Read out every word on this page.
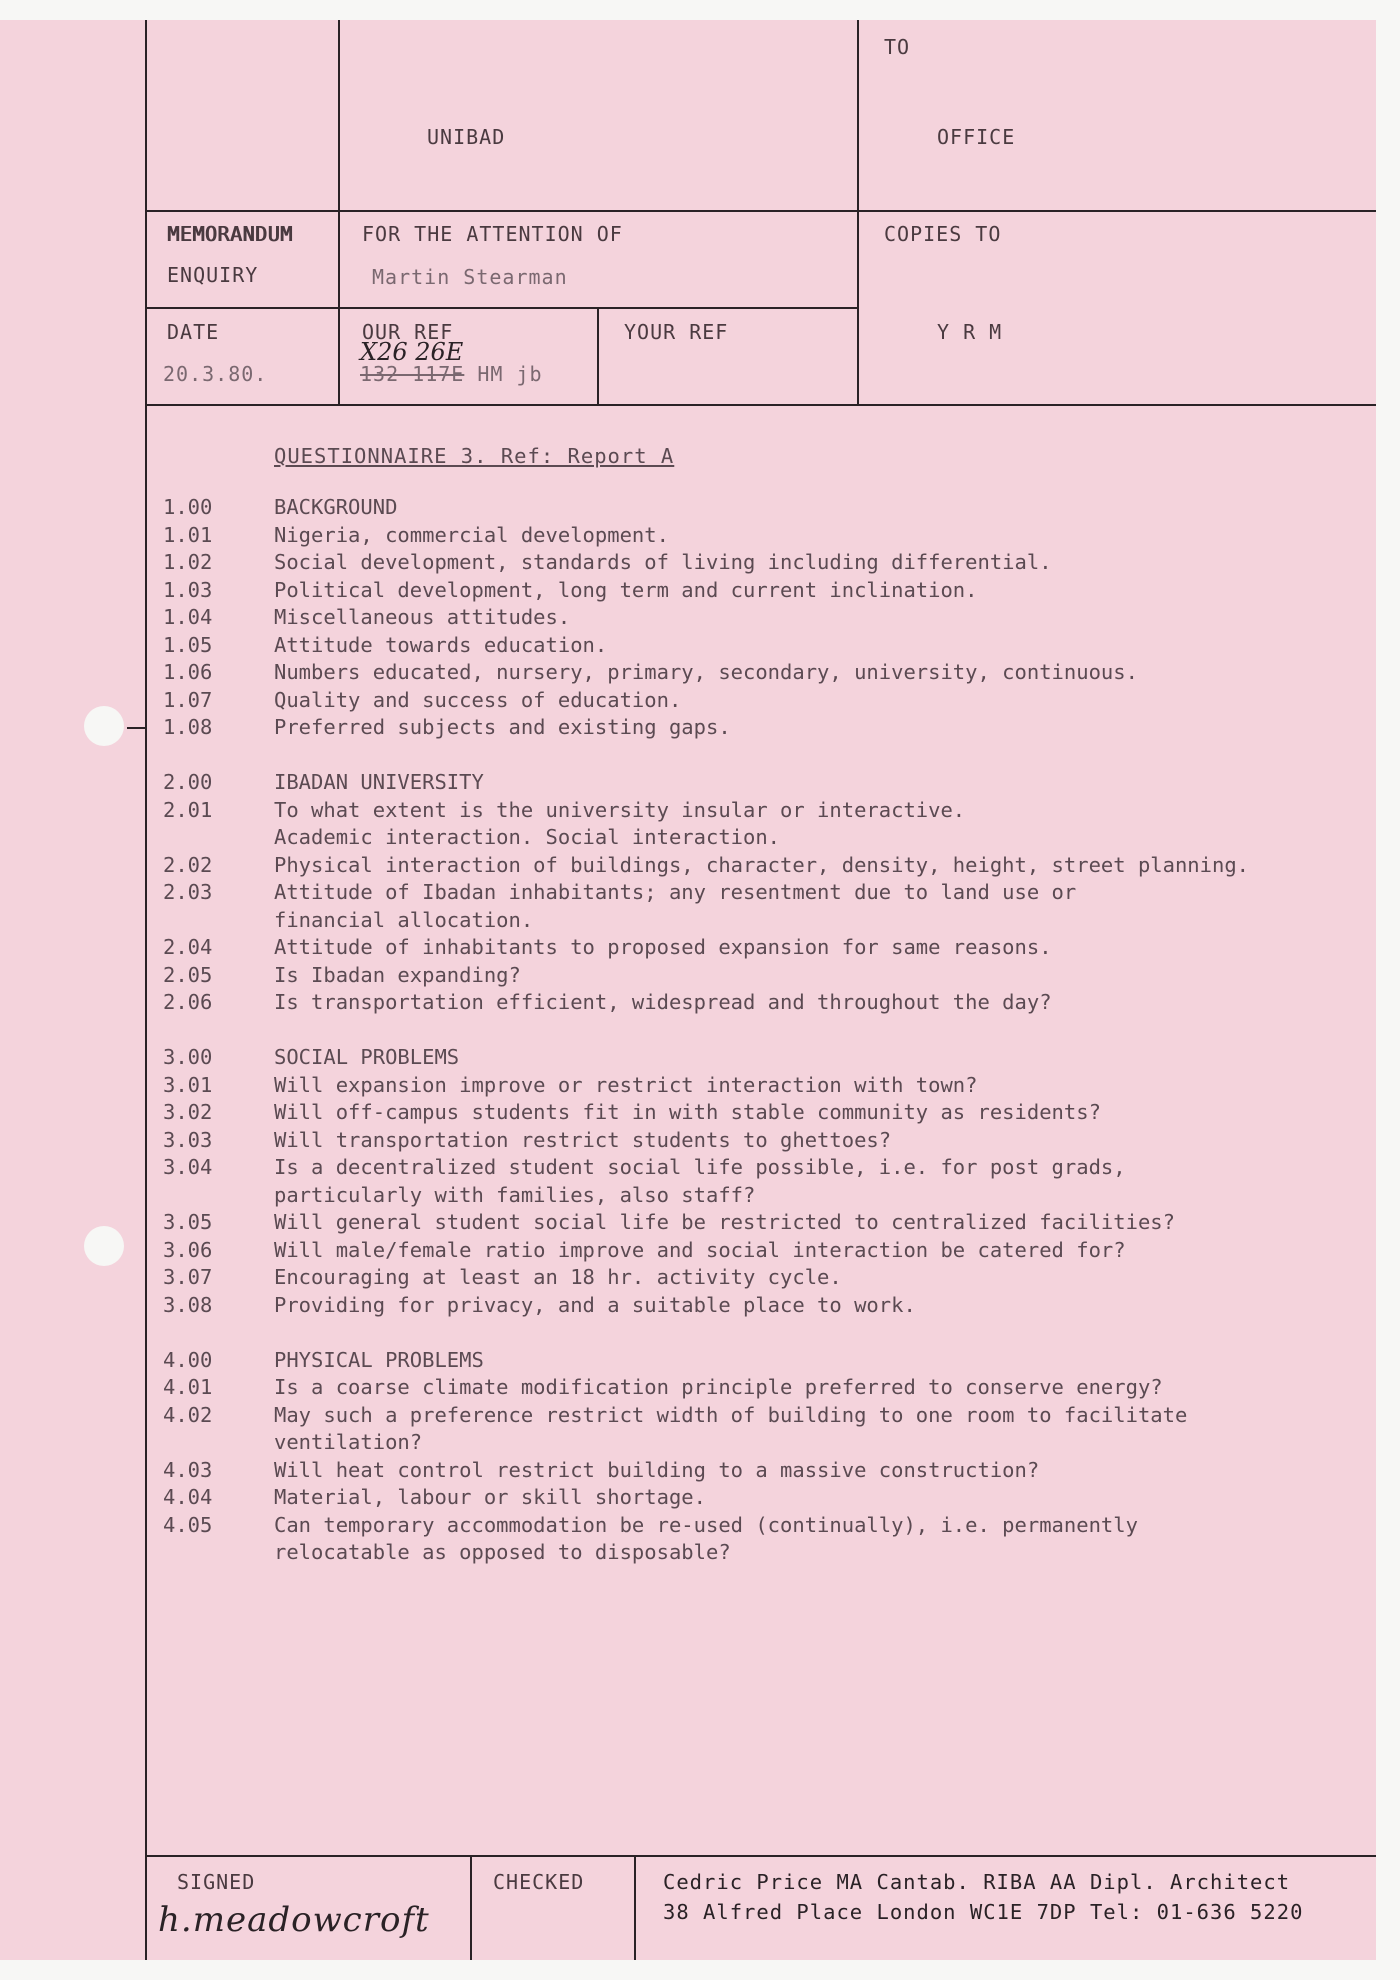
UNIBAD
TO
OFFICE
MEMORANDUM
ENQUIRY
FOR THE ATTENTION OF
Martin Stearman
COPIES TO
Y R M
DATE
20.3.80.
OUR REF
X26 26E
132 117E HM jb
YOUR REF
QUESTIONNAIRE 3. Ref: Report A
1.00	BACKGROUND
1.01	Nigeria, commercial development.
1.02	Social development, standards of living including differential.
1.03	Political development, long term and current inclination.
1.04	Miscellaneous attitudes.
1.05	Attitude towards education.
1.06	Numbers educated, nursery, primary, secondary, university, continuous.
1.07	Quality and success of education.
1.08	Preferred subjects and existing gaps.
2.00	IBADAN UNIVERSITY
2.01	To what extent is the university insular or interactive.
Academic interaction. Social interaction.
2.02	Physical interaction of buildings, character, density, height, street planning.
2.03	Attitude of Ibadan inhabitants; any resentment due to land use or
financial allocation.
2.04	Attitude of inhabitants to proposed expansion for same reasons.
2.05	Is Ibadan expanding?
2.06	Is transportation efficient, widespread and throughout the day?
3.00	SOCIAL PROBLEMS
3.01	Will expansion improve or restrict interaction with town?
3.02	Will off-campus students fit in with stable community as residents?
3.03	Will transportation restrict students to ghettoes?
3.04	Is a decentralized student social life possible, i.e. for post grads,
particularly with families, also staff?
3.05	Will general student social life be restricted to centralized facilities?
3.06	Will male/female ratio improve and social interaction be catered for?
3.07	Encouraging at least an 18 hr. activity cycle.
3.08	Providing for privacy, and a suitable place to work.
4.00	PHYSICAL PROBLEMS
4.01	Is a coarse climate modification principle preferred to conserve energy?
4.02	May such a preference restrict width of building to one room to facilitate
ventilation?
4.03	Will heat control restrict building to a massive construction?
4.04	Material, labour or skill shortage.
4.05	Can temporary accommodation be re-used (continually), i.e. permanently
relocatable as opposed to disposable?
SIGNED
h.meadowcroft
CHECKED	Cedric Price MA Cantab. RIBA AA Dipl. Architect
38 Alfred Place London WC1E 7DP Tel: 01-636 5220
